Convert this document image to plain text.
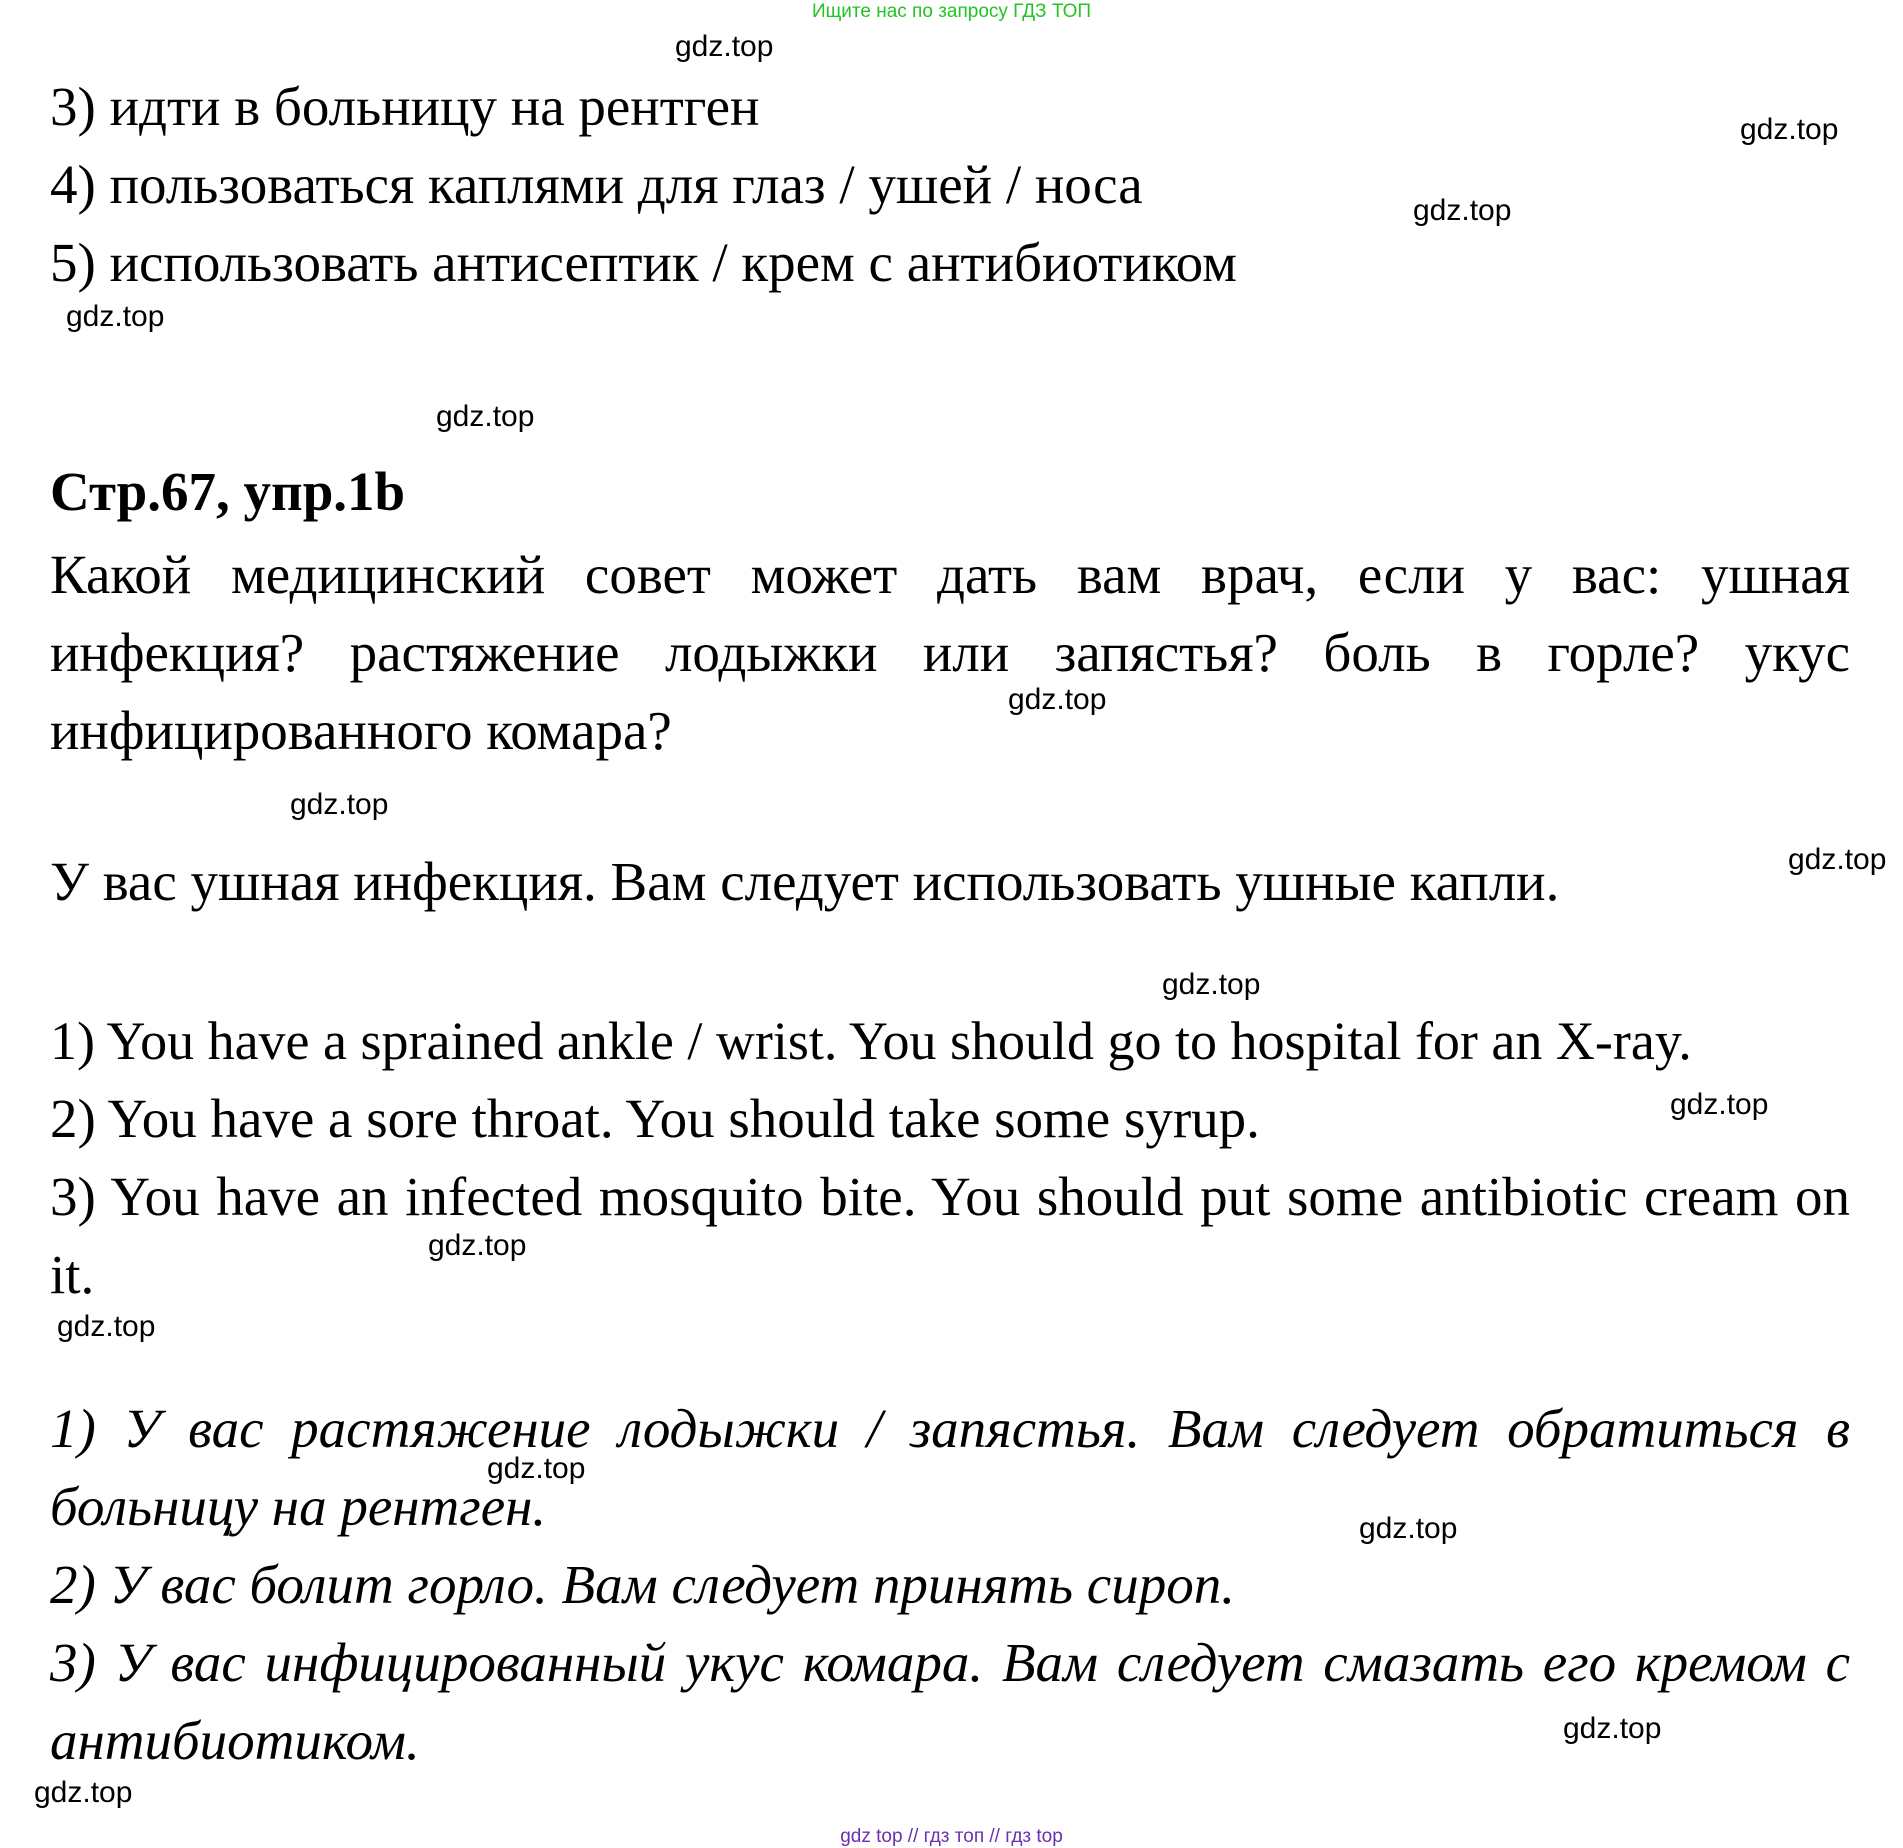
Ищите нас по запросу ГДЗ ТОП
gdz.top
gdz.top
gdz.top
gdz.top
gdz.top
gdz.top
gdz.top
gdz.top
gdz.top
gdz.top
gdz.top
gdz.top
gdz.top
gdz.top
gdz.top
gdz.top
3) идти в больницу на рентген
4) пользоваться каплями для глаз / ушей / носа
5) использовать антисептик / крем с антибиотиком
Стр.67, упр.1b
Какой медицинский совет может дать вам врач, если у вас: ушная инфекция? растяжение лодыжки или запястья? боль в горле? укус инфицированного комара?
У вас ушная инфекция. Вам следует использовать ушные капли.
1) You have a sprained ankle / wrist. You should go to hospital for an X-ray.
2) You have a sore throat. You should take some syrup.
3) You have an infected mosquito bite. You should put some antibiotic cream on it.
1) У вас растяжение лодыжки / запястья. Вам следует обратиться в больницу на рентген.
2) У вас болит горло. Вам следует принять сироп.
3) У вас инфицированный укус комара. Вам следует смазать его кремом с антибиотиком.
gdz top // гдз топ // гдз top
